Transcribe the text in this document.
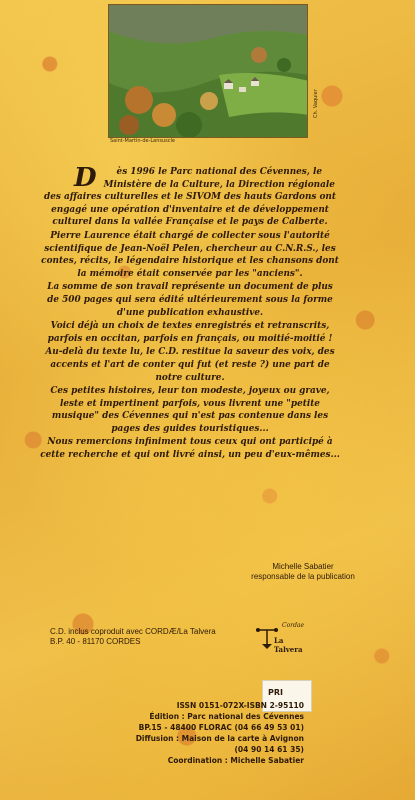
Saint-Martin-de-Lansuscle
Ch. Vaquier

D ès 1996 le Parc national des Cévennes, le Ministère de la Culture, la Direction régionale des affaires culturelles et le SIVOM des hauts Gardons ont engagé une opération d'inventaire et de développement culturel dans la vallée Française et le pays de Calberte.

Pierre Laurence était chargé de collecter sous l'autorité scientifique de Jean-Noël Pelen, chercheur au C.N.R.S., les contes, récits, le légendaire historique et les chansons dont la mémoire était conservée par les "anciens".

La somme de son travail représente un document de plus de 500 pages qui sera édité ultérieurement sous la forme d'une publication exhaustive.

Voici déjà un choix de textes enregistrés et retranscrits, parfois en occitan, parfois en français, ou moitié-moitié !

Au-delà du texte lu, le C.D. restitue la saveur des voix, des accents et l'art de conter qui fut (et reste ?) une part de notre culture.

Ces petites histoires, leur ton modeste, joyeux ou grave, leste et impertinent parfois, vous livrent une "petite musique" des Cévennes qui n'est pas contenue dans les pages des guides touristiques...

Nous remercions infiniment tous ceux qui ont participé à cette recherche et qui ont livré ainsi, un peu d'eux-mêmes...

Michelle Sabatier
responsable de la publication
C.D. inclus coproduit avec CORDÆ/La Talvera
B.P. 40 - 81170 CORDES
Cordae
La Talvera
PRI
ISSN 0151-072X-ISBN 2-95110
Édition : Parc national des Cévennes
BP.15 - 48400 FLORAC (04 66 49 53 01)
Diffusion : Maison de la carte à Avignon
(04 90 14 61 35)
Coordination : Michelle Sabatier
